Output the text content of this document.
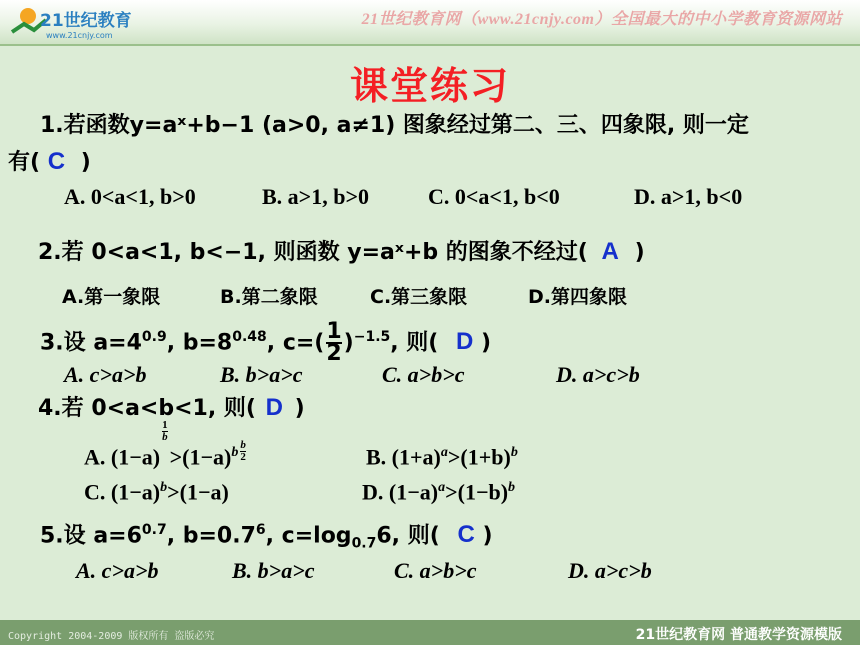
21世纪教育
www.21cnjy.com
21世纪教育网（www.21cnjy.com）全国最大的中小学教育资源网站
课堂练习
1.若函数y=aˣ+b−1 (a>0, a≠1) 图象经过第二、三、四象限, 则一定
有( C )
A. 0<a<1, b>0	B. a>1, b>0	C. 0<a<1, b<0	D. a>1, b<0
2.若 0<a<1, b<−1, 则函数 y=aˣ+b 的图象不经过( A )
A.第一象限	B.第二象限	C.第三象限	D.第四象限
3.设 $a=4^{0.9}$, $b=8^{0.48}$, $c=( \frac{1}{2} )^{-1.5}$, 则( D )
A. c>a>b	B. b>a>c	C. a>b>c	D. a>c>b
4.若 0<a<b<1, 则( D )
A. (1−a)
$\frac{1}{b}$
$>(1-a)^b \frac{b}{2}$	B. $(1+a)^a>(1+b)^b$
C. $(1-a)^b>(1-a)$	D. $(1-a)^a>(1-b)^b$
5.设 $a=6^{0.7}$, $b=0.7^6$, $c=\log_{0.7}6$, 则( C )
A. c>a>b	B. b>a>c	C. a>b>c	D. a>c>b
Copyright 2004-2009 版权所有 盗版必究	21世纪教育网 普通教学资源模版
